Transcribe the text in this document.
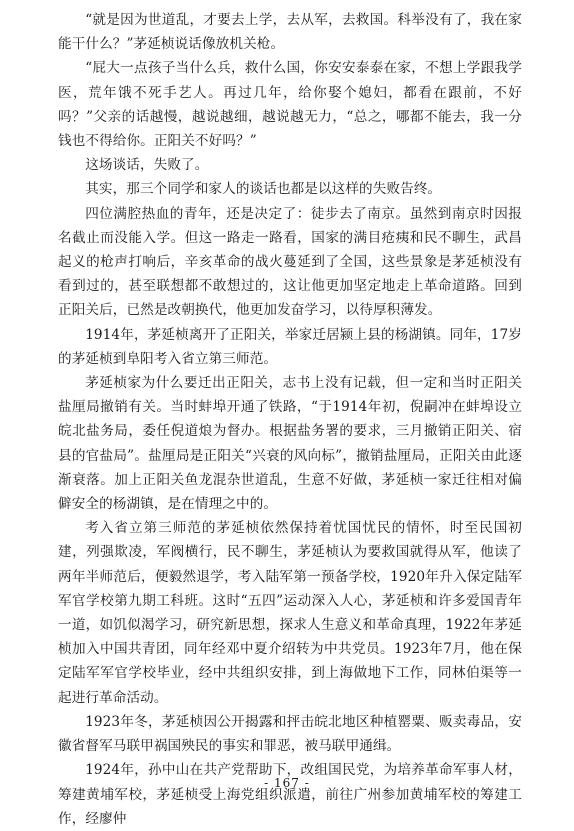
“就是因为世道乱，才要去上学，去从军，去救国。科举没有了，我在家能干什么？”茅延桢说话像放机关枪。

“屁大一点孩子当什么兵，救什么国，你安安泰泰在家，不想上学跟我学医，荒年饿不死手艺人。再过几年，给你娶个媳妇，都看在跟前，不好吗？”父亲的话越慢，越说越细，越说越无力，“总之，哪都不能去，我一分钱也不得给你。正阳关不好吗？”

这场谈话，失败了。

其实，那三个同学和家人的谈话也都是以这样的失败告终。

四位满腔热血的青年，还是决定了：徒步去了南京。虽然到南京时因报名截止而没能入学。但这一路走一路看，国家的满目疮痍和民不聊生，武昌起义的枪声打响后，辛亥革命的战火蔓延到了全国，这些景象是茅延桢没有看到过的，甚至联想都不敢想过的，这让他更加坚定地走上革命道路。回到正阳关后，已然是改朝换代，他更加发奋学习，以待厚积薄发。

1914年，茅延桢离开了正阳关，举家迁居颍上县的杨湖镇。同年，17岁的茅延桢到阜阳考入省立第三师范。

茅延桢家为什么要迁出正阳关，志书上没有记载，但一定和当时正阳关盐厘局撤销有关。当时蚌埠开通了铁路，“于1914年初，倪嗣冲在蚌埠设立皖北盐务局，委任倪道烺为督办。根据盐务署的要求，三月撤销正阳关、宿县的官盐局”。盐厘局是正阳关“兴衰的风向标”，撤销盐厘局，正阳关由此逐渐衰落。加上正阳关鱼龙混杂世道乱，生意不好做，茅延桢一家迁往相对偏僻安全的杨湖镇，是在情理之中的。

考入省立第三师范的茅延桢依然保持着忧国忧民的情怀，时至民国初建，列强欺凌，军阀横行，民不聊生，茅延桢认为要救国就得从军，他读了两年半师范后，便毅然退学，考入陆军第一预备学校，1920年升入保定陆军军官学校第九期工科班。这时“五四”运动深入人心，茅延桢和许多爱国青年一道，如饥似渴学习，研究新思想，探求人生意义和革命真理，1922年茅延桢加入中国共青团，同年经邓中夏介绍转为中共党员。1923年7月，他在保定陆军军官学校毕业，经中共组织安排，到上海做地下工作，同林伯渠等一起进行革命活动。

1923年冬，茅延桢因公开揭露和抨击皖北地区种植罂粟、贩卖毒品，安徽省督军马联甲祸国殃民的事实和罪恶，被马联甲通缉。

1924年，孙中山在共产党帮助下，改组国民党，为培养革命军事人材，筹建黄埔军校，茅延桢受上海党组织派遣，前往广州参加黄埔军校的筹建工作，经廖仲

- 167 -
